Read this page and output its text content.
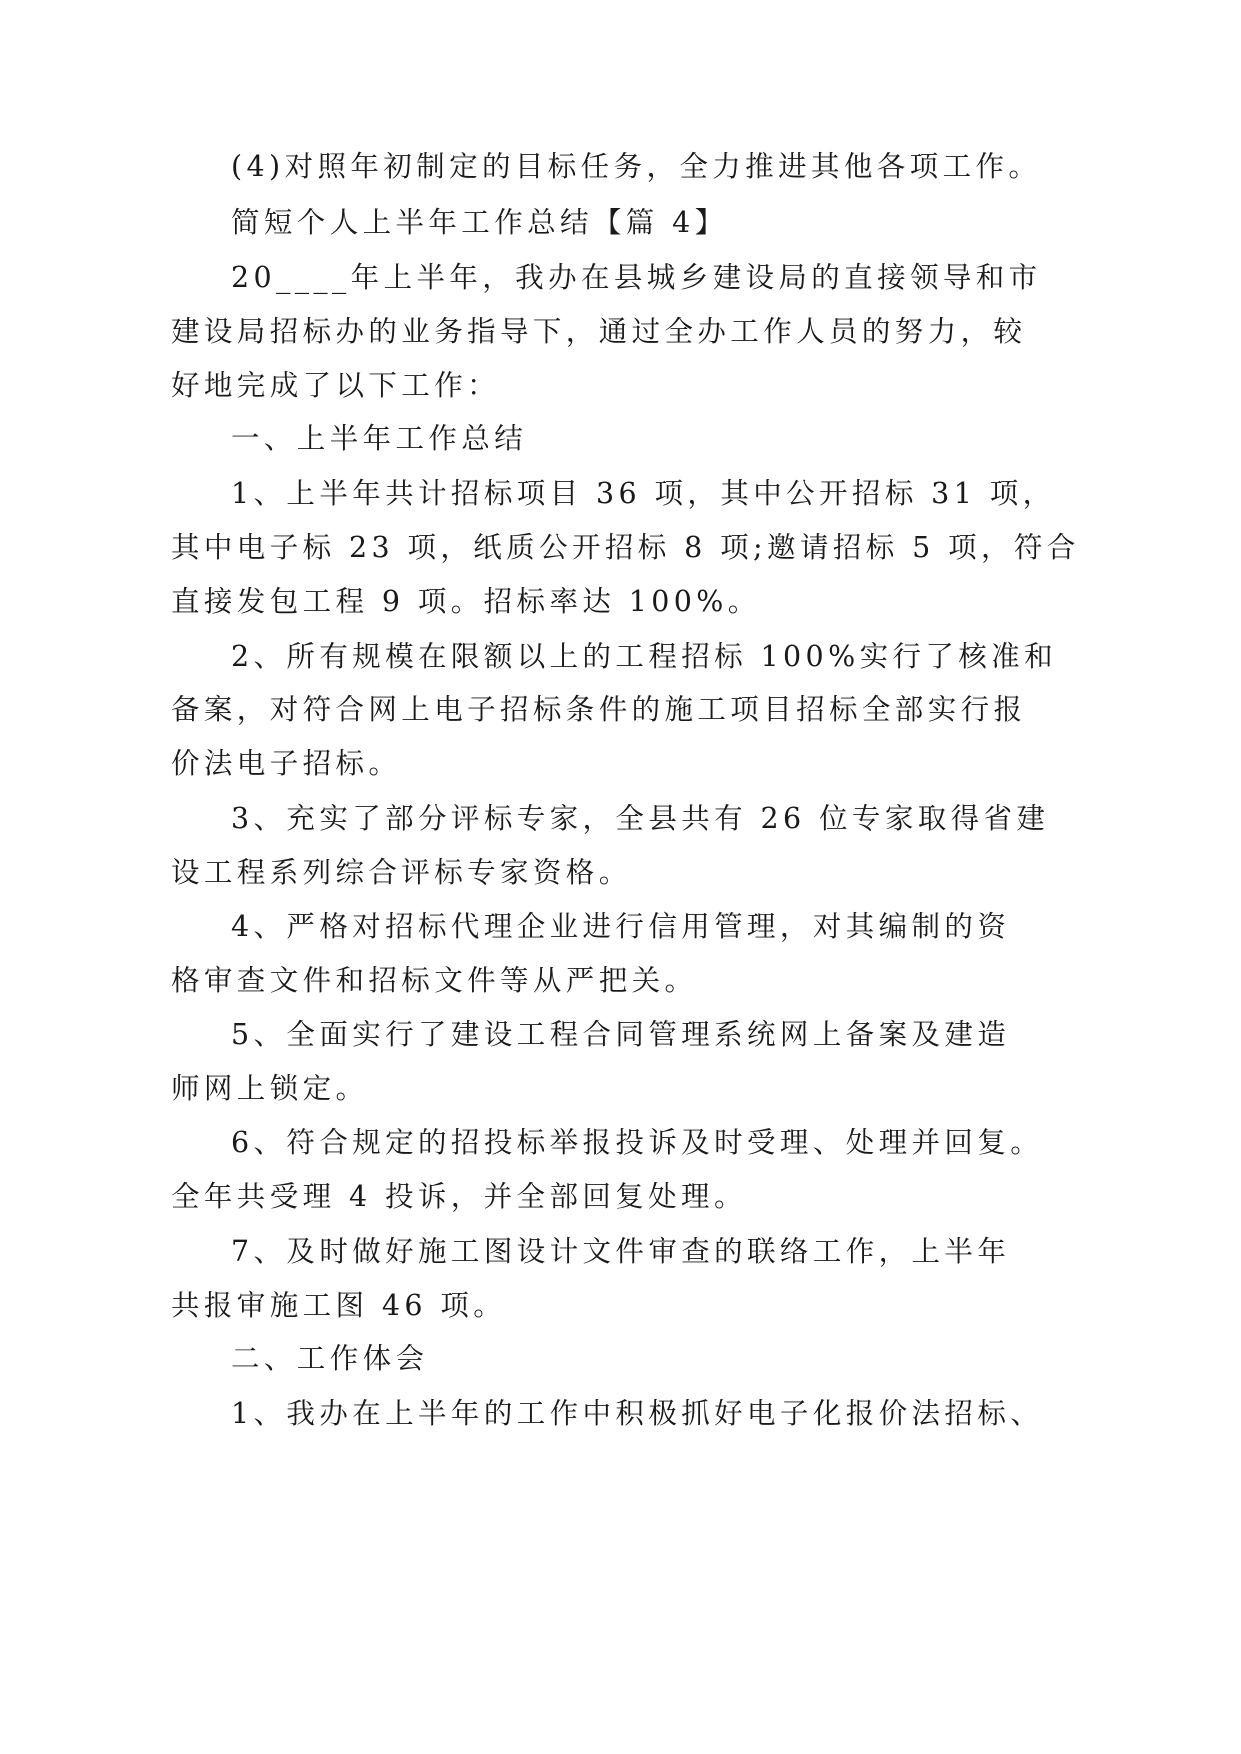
(4)对照年初制定的目标任务，全力推进其他各项工作。

简短个人上半年工作总结【篇 4】

20____年上半年，我办在县城乡建设局的直接领导和市

建设局招标办的业务指导下，通过全办工作人员的努力，较

好地完成了以下工作：

一、上半年工作总结

1、上半年共计招标项目 36 项，其中公开招标 31 项，

其中电子标 23 项，纸质公开招标 8 项;邀请招标 5 项，符合

直接发包工程 9 项。招标率达 100%。

2、所有规模在限额以上的工程招标 100%实行了核准和

备案，对符合网上电子招标条件的施工项目招标全部实行报

价法电子招标。

3、充实了部分评标专家，全县共有 26 位专家取得省建

设工程系列综合评标专家资格。

4、严格对招标代理企业进行信用管理，对其编制的资

格审查文件和招标文件等从严把关。

5、全面实行了建设工程合同管理系统网上备案及建造

师网上锁定。

6、符合规定的招投标举报投诉及时受理、处理并回复。

全年共受理 4 投诉，并全部回复处理。

7、及时做好施工图设计文件审查的联络工作，上半年

共报审施工图 46 项。

二、工作体会

1、我办在上半年的工作中积极抓好电子化报价法招标、
